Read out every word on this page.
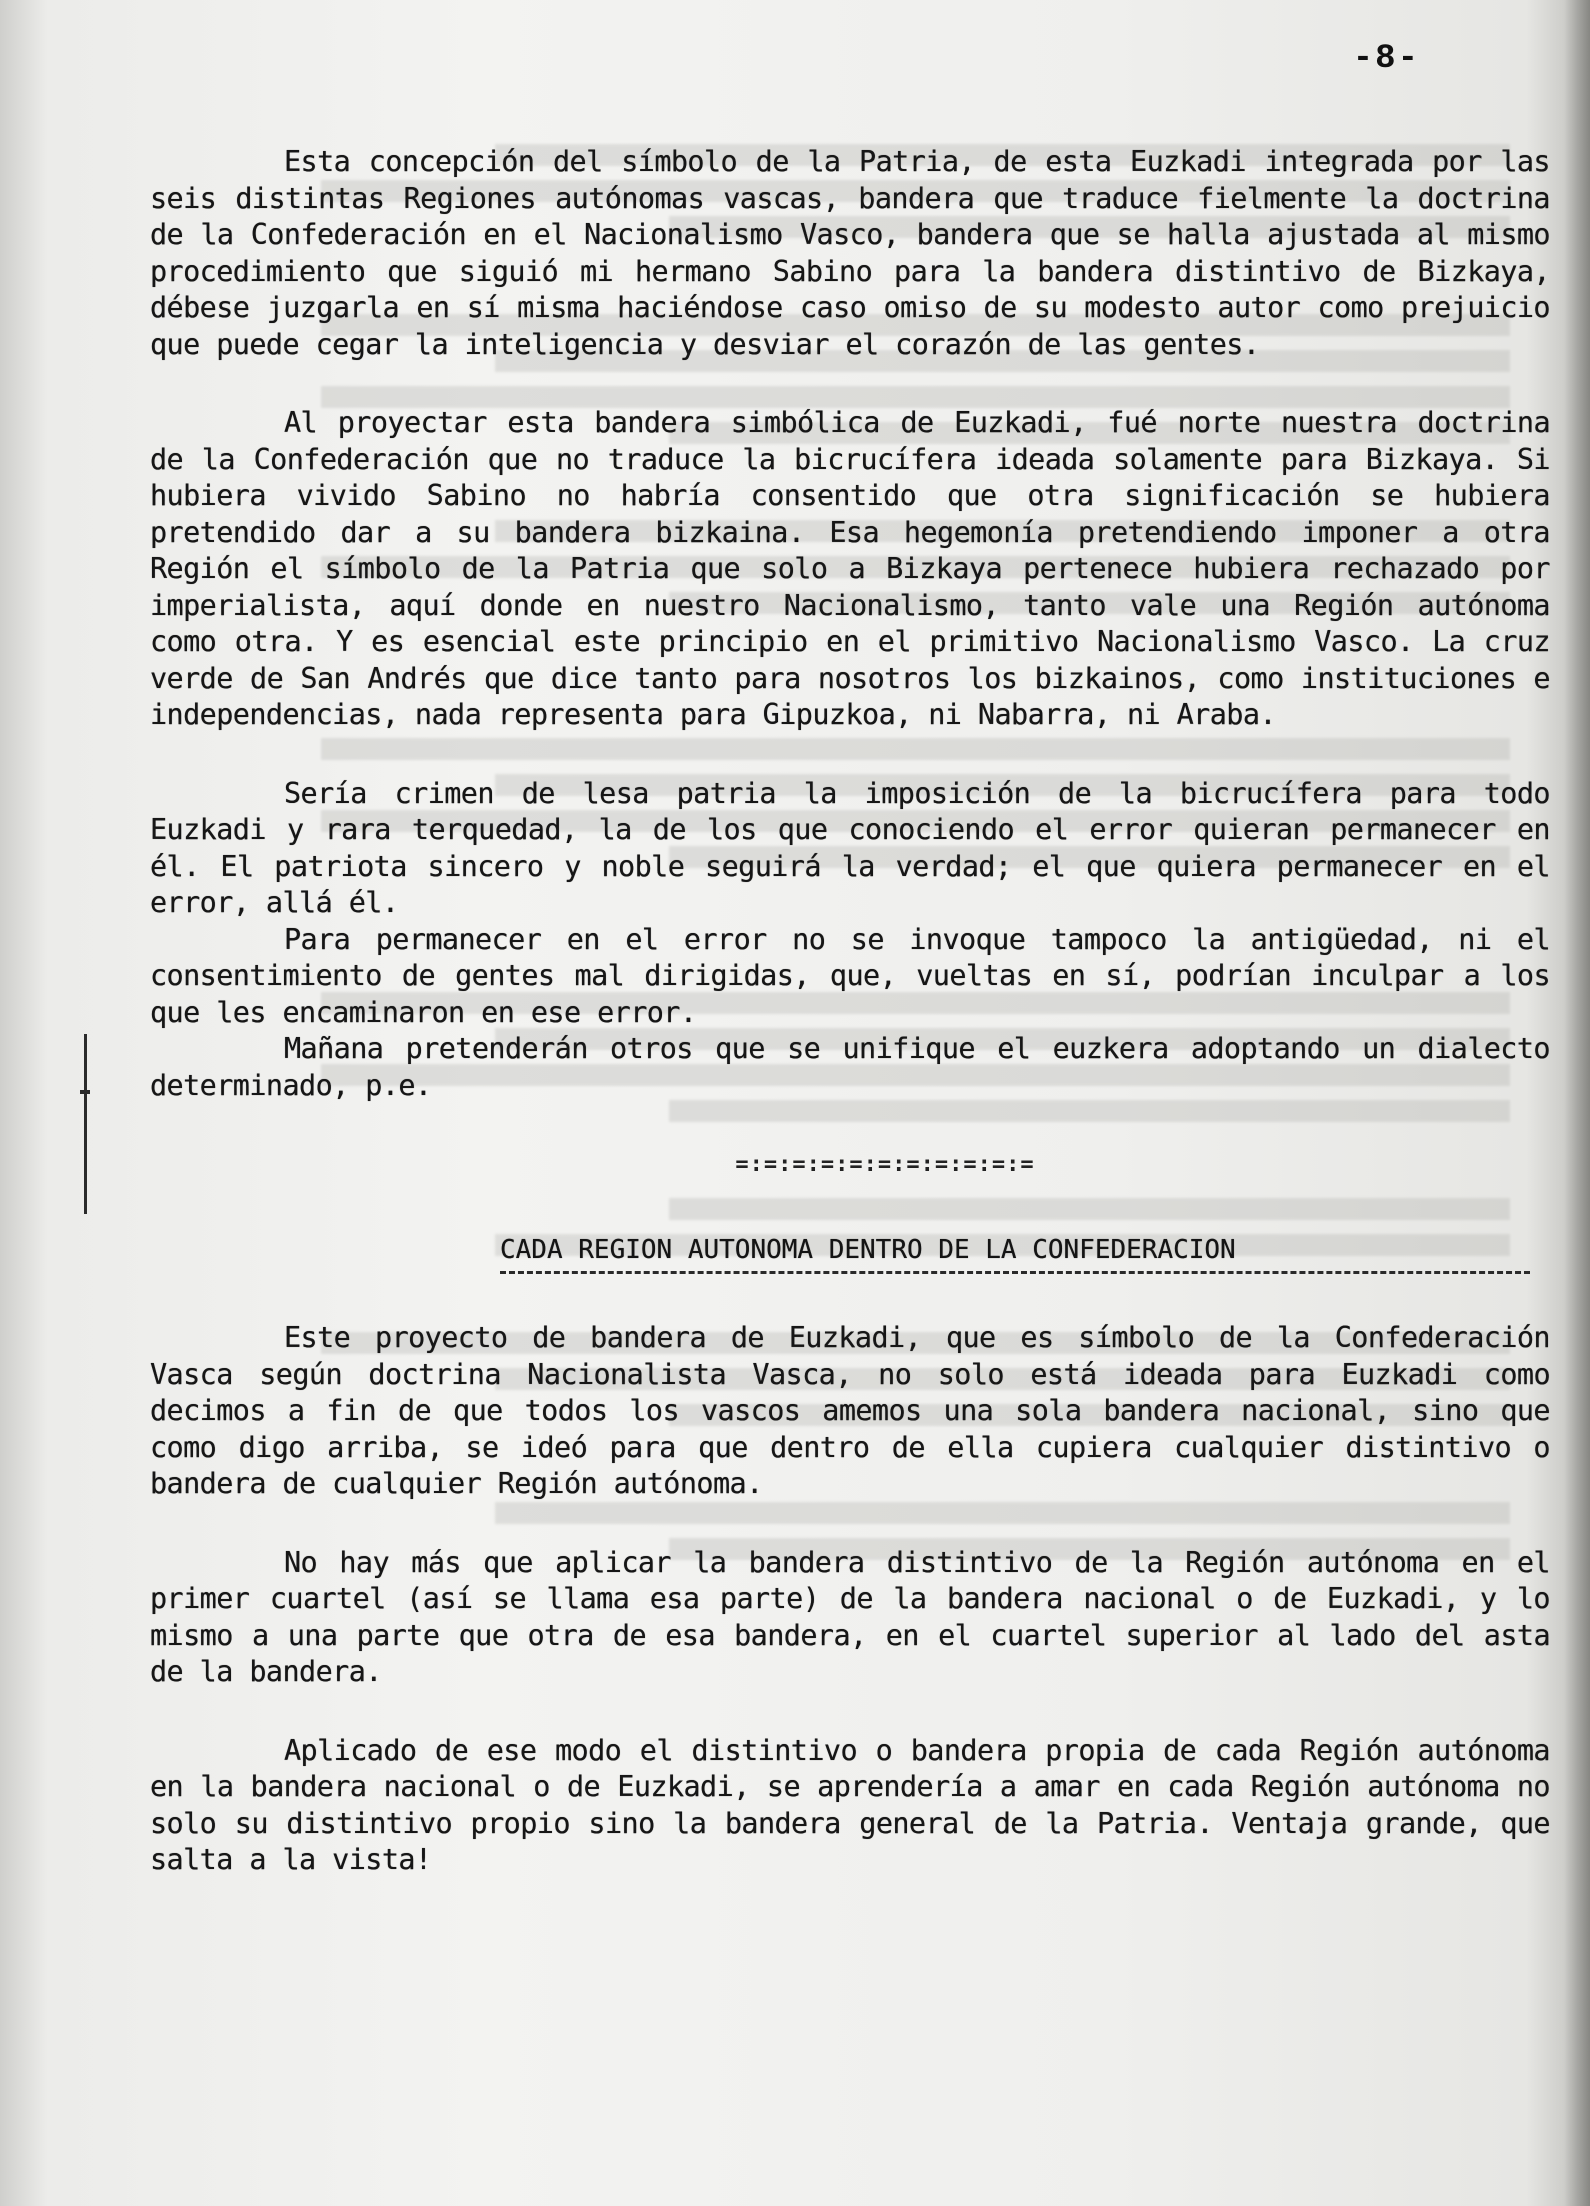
-8-

Esta concepción del símbolo de la Patria, de esta Euzkadi integrada por las seis distintas Regiones autónomas vascas, bandera que traduce fielmente la doctrina de la Confederación en el Nacionalismo Vasco, bandera que se halla ajustada al mismo procedimiento que siguió mi hermano Sabino para la bandera distintivo de Bizkaya, débese juzgarla en sí misma haciéndose caso omiso de su modesto autor como prejuicio que puede cegar la inteligencia y desviar el corazón de las gentes.

Al proyectar esta bandera simbólica de Euzkadi, fué norte nuestra doctrina de la Confederación que no traduce la bicrucífera ideada solamente para Bizkaya. Si hubiera vivido Sabino no habría consentido que otra significación se hubiera pretendido dar a su bandera bizkaina. Esa hegemonía pretendiendo imponer a otra Región el símbolo de la Patria que solo a Bizkaya pertenece hubiera rechazado por imperialista, aquí donde en nuestro Nacionalismo, tanto vale una Región autónoma como otra. Y es esencial este principio en el primitivo Nacionalismo Vasco. La cruz verde de San Andrés que dice tanto para nosotros los bizkainos, como instituciones e independencias, nada representa para Gipuzkoa, ni Nabarra, ni Araba.

Sería crimen de lesa patria la imposición de la bicrucífera para todo Euzkadi y rara terquedad, la de los que conociendo el error quieran permanecer en él. El patriota sincero y noble seguirá la verdad; el que quiera permanecer en el error, allá él.

Para permanecer en el error no se invoque tampoco la antigüedad, ni el consentimiento de gentes mal dirigidas, que, vueltas en sí, podrían inculpar a los que les encaminaron en ese error.

Mañana pretenderán otros que se unifique el euzkera adoptando un dialecto determinado, p.e.

=:=:=:=:=:=:=:=:=:=:=
CADA REGION AUTONOMA DENTRO DE LA CONFEDERACION

Este proyecto de bandera de Euzkadi, que es símbolo de la Confederación Vasca según doctrina Nacionalista Vasca, no solo está ideada para Euzkadi como decimos a fin de que todos los vascos amemos una sola bandera nacional, sino que como digo arriba, se ideó para que dentro de ella cupiera cualquier distintivo o bandera de cualquier Región autónoma.

No hay más que aplicar la bandera distintivo de la Región autónoma en el primer cuartel (así se llama esa parte) de la bandera nacional o de Euzkadi, y lo mismo a una parte que otra de esa bandera, en el cuartel superior al lado del asta de la bandera.

Aplicado de ese modo el distintivo o bandera propia de cada Región autónoma en la bandera nacional o de Euzkadi, se aprendería a amar en cada Región autónoma no solo su distintivo propio sino la bandera general de la Patria. Ventaja grande, que salta a la vista!
